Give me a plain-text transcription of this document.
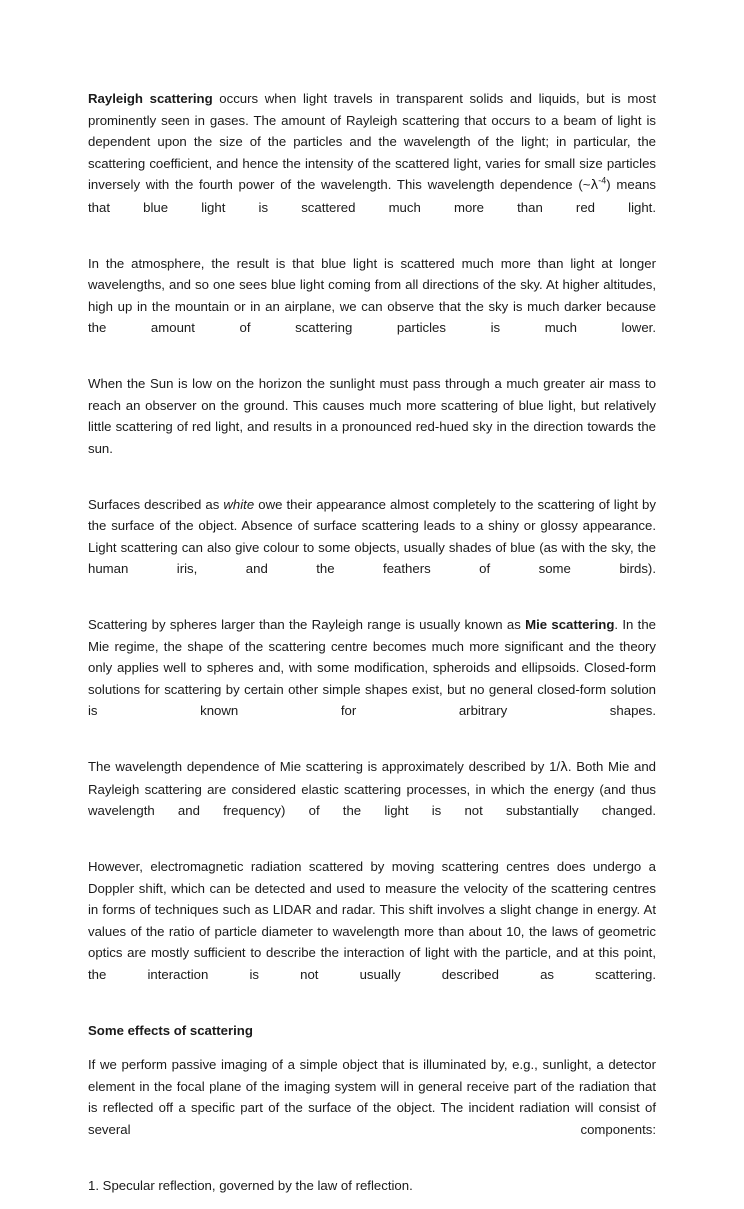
Rayleigh scattering occurs when light travels in transparent solids and liquids, but is most prominently seen in gases. The amount of Rayleigh scattering that occurs to a beam of light is dependent upon the size of the particles and the wavelength of the light; in particular, the scattering coefficient, and hence the intensity of the scattered light, varies for small size particles inversely with the fourth power of the wavelength. This wavelength dependence $(\sim\lambda^{-4})$ means that blue light is scattered much more than red light.

In the atmosphere, the result is that blue light is scattered much more than light at longer wavelengths, and so one sees blue light coming from all directions of the sky. At higher altitudes, high up in the mountain or in an airplane, we can observe that the sky is much darker because the amount of scattering particles is much lower.

When the Sun is low on the horizon the sunlight must pass through a much greater air mass to reach an observer on the ground. This causes much more scattering of blue light, but relatively little scattering of red light, and results in a pronounced red-hued sky in the direction towards the sun.

Surfaces described as white owe their appearance almost completely to the scattering of light by the surface of the object. Absence of surface scattering leads to a shiny or glossy appearance. Light scattering can also give colour to some objects, usually shades of blue (as with the sky, the human iris, and the feathers of some birds).

Scattering by spheres larger than the Rayleigh range is usually known as Mie scattering. In the Mie regime, the shape of the scattering centre becomes much more significant and the theory only applies well to spheres and, with some modification, spheroids and ellipsoids. Closed-form solutions for scattering by certain other simple shapes exist, but no general closed-form solution is known for arbitrary shapes.

The wavelength dependence of Mie scattering is approximately described by 1/λ. Both Mie and Rayleigh scattering are considered elastic scattering processes, in which the energy (and thus wavelength and frequency) of the light is not substantially changed.

However, electromagnetic radiation scattered by moving scattering centres does undergo a Doppler shift, which can be detected and used to measure the velocity of the scattering centres in forms of techniques such as LIDAR and radar. This shift involves a slight change in energy. At values of the ratio of particle diameter to wavelength more than about 10, the laws of geometric optics are mostly sufficient to describe the interaction of light with the particle, and at this point, the interaction is not usually described as scattering.

Some effects of scattering

If we perform passive imaging of a simple object that is illuminated by, e.g., sunlight, a detector element in the focal plane of the imaging system will in general receive part of the radiation that is reflected off a specific part of the surface of the object. The incident radiation will consist of several components:

1. Specular reflection, governed by the law of reflection.
